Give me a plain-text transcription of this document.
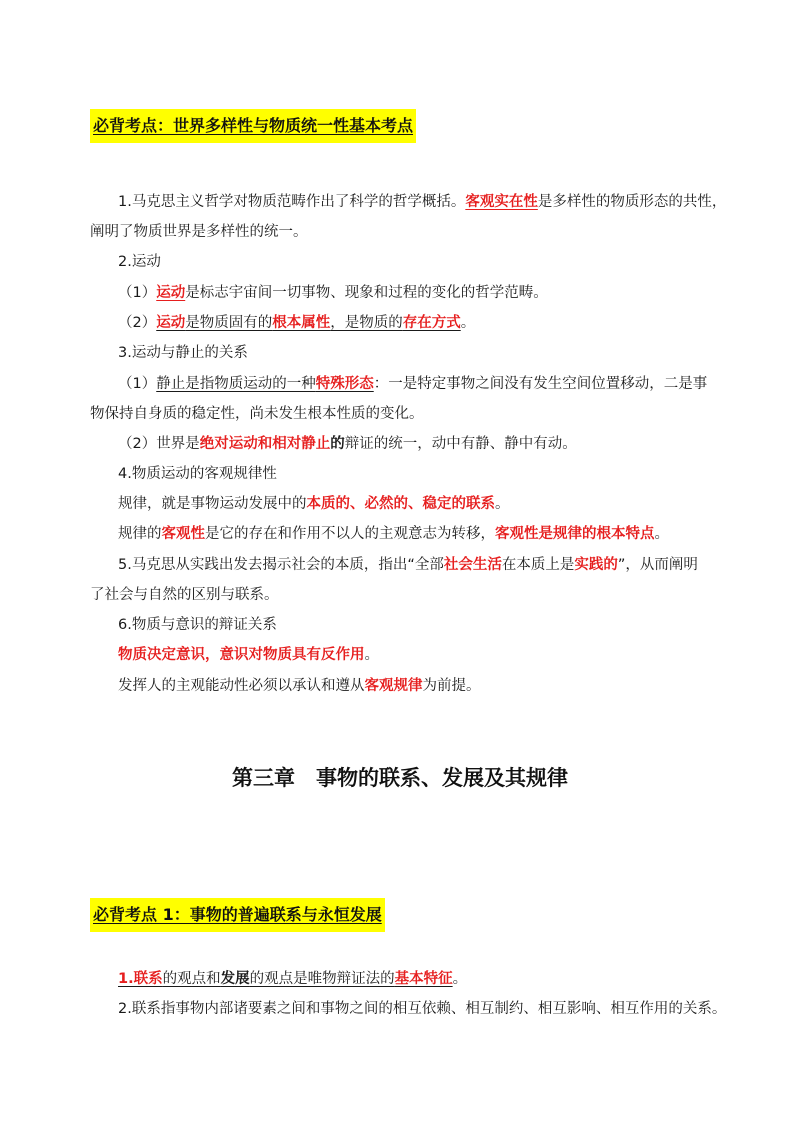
必背考点：世界多样性与物质统一性基本考点
1.马克思主义哲学对物质范畴作出了科学的哲学概括。客观实在性是多样性的物质形态的共性，
阐明了物质世界是多样性的统一。
2.运动
（1）运动是标志宇宙间一切事物、现象和过程的变化的哲学范畴。
（2）运动是物质固有的根本属性，是物质的存在方式。
3.运动与静止的关系
（1）静止是指物质运动的一种特殊形态：一是特定事物之间没有发生空间位置移动，二是事
物保持自身质的稳定性，尚未发生根本性质的变化。
（2）世界是绝对运动和相对静止的辩证的统一，动中有静、静中有动。
4.物质运动的客观规律性
规律，就是事物运动发展中的本质的、必然的、稳定的联系。
规律的客观性是它的存在和作用不以人的主观意志为转移，客观性是规律的根本特点。
5.马克思从实践出发去揭示社会的本质，指出“全部社会生活在本质上是实践的”，从而阐明
了社会与自然的区别与联系。
6.物质与意识的辩证关系
物质决定意识，意识对物质具有反作用。
发挥人的主观能动性必须以承认和遵从客观规律为前提。
第三章　事物的联系、发展及其规律
必背考点 1：事物的普遍联系与永恒发展
1.联系的观点和发展的观点是唯物辩证法的基本特征。
2.联系指事物内部诸要素之间和事物之间的相互依赖、相互制约、相互影响、相互作用的关系。
